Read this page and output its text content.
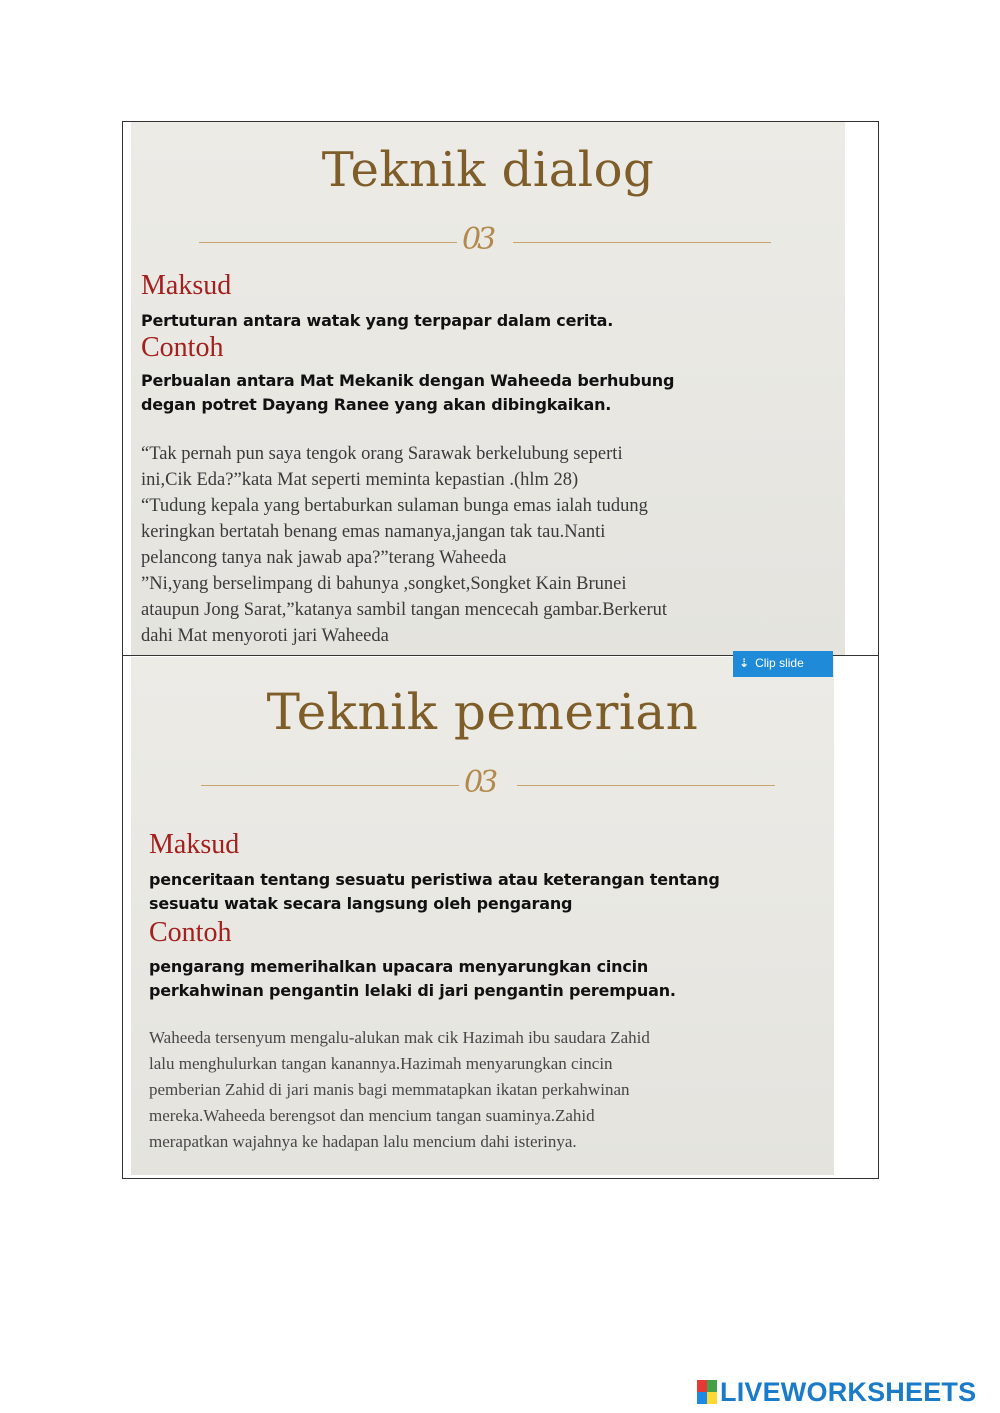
Teknik dialog
03
Maksud

Pertuturan antara watak yang terpapar dalam cerita.

Contoh

Perbualan antara Mat Mekanik dengan Waheeda berhubung
degan potret Dayang Ranee yang akan dibingkaikan.

“Tak pernah pun saya tengok orang Sarawak berkelubung seperti
ini,Cik Eda?”kata Mat seperti meminta kepastian .(hlm 28)
“Tudung kepala yang bertaburkan sulaman bunga emas ialah tudung
keringkan bertatah benang emas namanya,jangan tak tau.Nanti
pelancong tanya nak jawab apa?”terang Waheeda
”Ni,yang berselimpang di bahunya ,songket,Songket Kain Brunei
ataupun Jong Sarat,”katanya sambil tangan mencecah gambar.Berkerut
dahi Mat menyoroti jari Waheeda

Teknik pemerian
03
Maksud

penceritaan tentang sesuatu peristiwa atau keterangan tentang
sesuatu watak secara langsung oleh pengarang

Contoh

pengarang memerihalkan upacara menyarungkan cincin
perkahwinan pengantin lelaki di jari pengantin perempuan.

Waheeda tersenyum mengalu-alukan mak cik Hazimah ibu saudara Zahid
lalu menghulurkan tangan kanannya.Hazimah menyarungkan cincin
pemberian Zahid di jari manis bagi memmatapkan ikatan perkahwinan
mereka.Waheeda berengsot dan mencium tangan suaminya.Zahid
merapatkan wajahnya ke hadapan lalu mencium dahi isterinya.

⇣ Clip slide
LIVEWORKSHEETS
